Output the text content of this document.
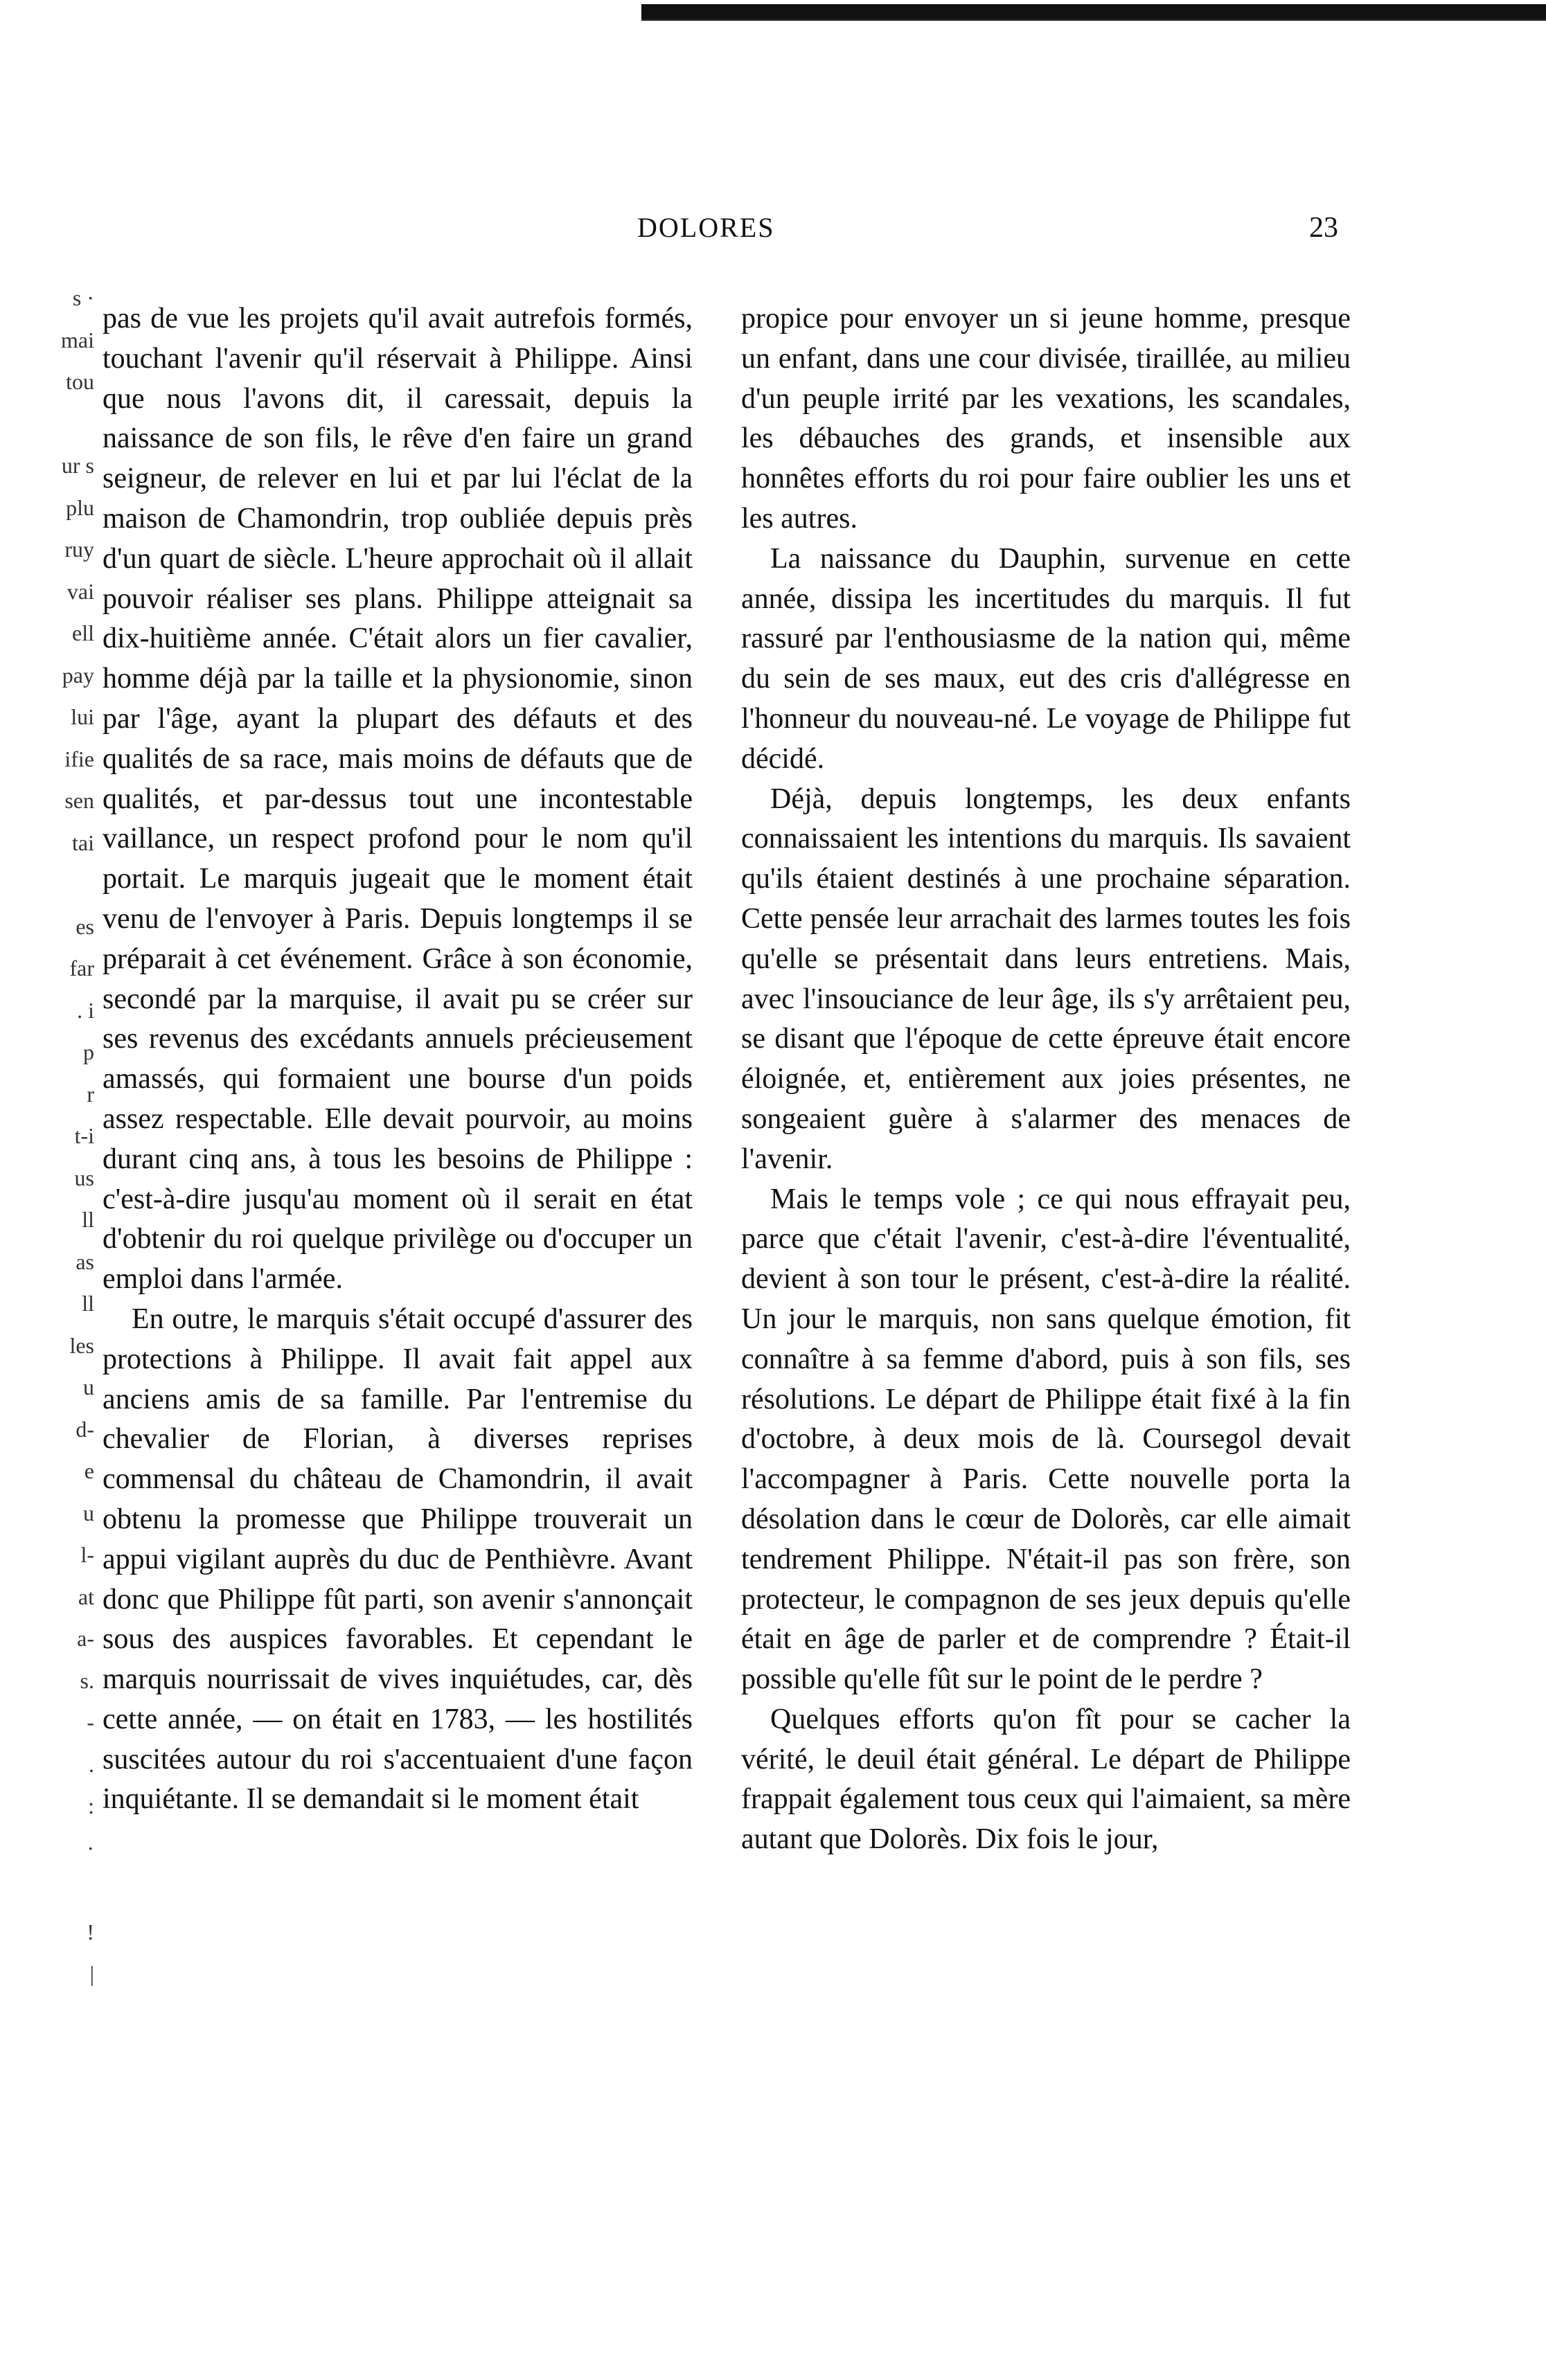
DOLORES	23
s ·
mai
tou
ur s
plu
ruy
vai
ell
pay
lui
ifie
sen
tai
es
far
. i
p
r
t-i
us
ll
as
ll
les
u
d-
e
u
l-
at
a-
s.
-
.
:
·
!
|

pas de vue les projets qu'il avait autrefois formés, touchant l'avenir qu'il réservait à Philippe. Ainsi que nous l'avons dit, il caressait, depuis la naissance de son fils, le rêve d'en faire un grand seigneur, de relever en lui et par lui l'éclat de la maison de Chamondrin, trop oubliée depuis près d'un quart de siècle. L'heure approchait où il allait pouvoir réaliser ses plans. Philippe atteignait sa dix-huitième année. C'était alors un fier cavalier, homme déjà par la taille et la physionomie, sinon par l'âge, ayant la plupart des défauts et des qualités de sa race, mais moins de défauts que de qualités, et par-dessus tout une incontestable vaillance, un respect profond pour le nom qu'il portait. Le marquis jugeait que le moment était venu de l'envoyer à Paris. Depuis longtemps il se préparait à cet événement. Grâce à son économie, secondé par la marquise, il avait pu se créer sur ses revenus des excédants annuels précieusement amassés, qui formaient une bourse d'un poids assez respectable. Elle devait pourvoir, au moins durant cinq ans, à tous les besoins de Philippe : c'est-à-dire jusqu'au moment où il serait en état d'obtenir du roi quelque privilège ou d'occuper un emploi dans l'armée.

En outre, le marquis s'était occupé d'assurer des protections à Philippe. Il avait fait appel aux anciens amis de sa famille. Par l'entremise du chevalier de Florian, à diverses reprises commensal du château de Chamondrin, il avait obtenu la promesse que Philippe trouverait un appui vigilant auprès du duc de Penthièvre. Avant donc que Philippe fût parti, son avenir s'annonçait sous des auspices favorables. Et cependant le marquis nourrissait de vives inquiétudes, car, dès cette année, — on était en 1783, — les hostilités suscitées autour du roi s'accentuaient d'une façon inquiétante. Il se demandait si le moment était

propice pour envoyer un si jeune homme, presque un enfant, dans une cour divisée, tiraillée, au milieu d'un peuple irrité par les vexations, les scandales, les débauches des grands, et insensible aux honnêtes efforts du roi pour faire oublier les uns et les autres.

La naissance du Dauphin, survenue en cette année, dissipa les incertitudes du marquis. Il fut rassuré par l'enthousiasme de la nation qui, même du sein de ses maux, eut des cris d'allégresse en l'honneur du nouveau-né. Le voyage de Philippe fut décidé.

Déjà, depuis longtemps, les deux enfants connaissaient les intentions du marquis. Ils savaient qu'ils étaient destinés à une prochaine séparation. Cette pensée leur arrachait des larmes toutes les fois qu'elle se présentait dans leurs entretiens. Mais, avec l'insouciance de leur âge, ils s'y arrêtaient peu, se disant que l'époque de cette épreuve était encore éloignée, et, entièrement aux joies présentes, ne songeaient guère à s'alarmer des menaces de l'avenir.

Mais le temps vole ; ce qui nous effrayait peu, parce que c'était l'avenir, c'est-à-dire l'éventualité, devient à son tour le présent, c'est-à-dire la réalité. Un jour le marquis, non sans quelque émotion, fit connaître à sa femme d'abord, puis à son fils, ses résolutions. Le départ de Philippe était fixé à la fin d'octobre, à deux mois de là. Coursegol devait l'accompagner à Paris. Cette nouvelle porta la désolation dans le cœur de Dolorès, car elle aimait tendrement Philippe. N'était-il pas son frère, son protecteur, le compagnon de ses jeux depuis qu'elle était en âge de parler et de comprendre ? Était-il possible qu'elle fût sur le point de le perdre ?

Quelques efforts qu'on fît pour se cacher la vérité, le deuil était général. Le départ de Philippe frappait également tous ceux qui l'aimaient, sa mère autant que Dolorès. Dix fois le jour,
